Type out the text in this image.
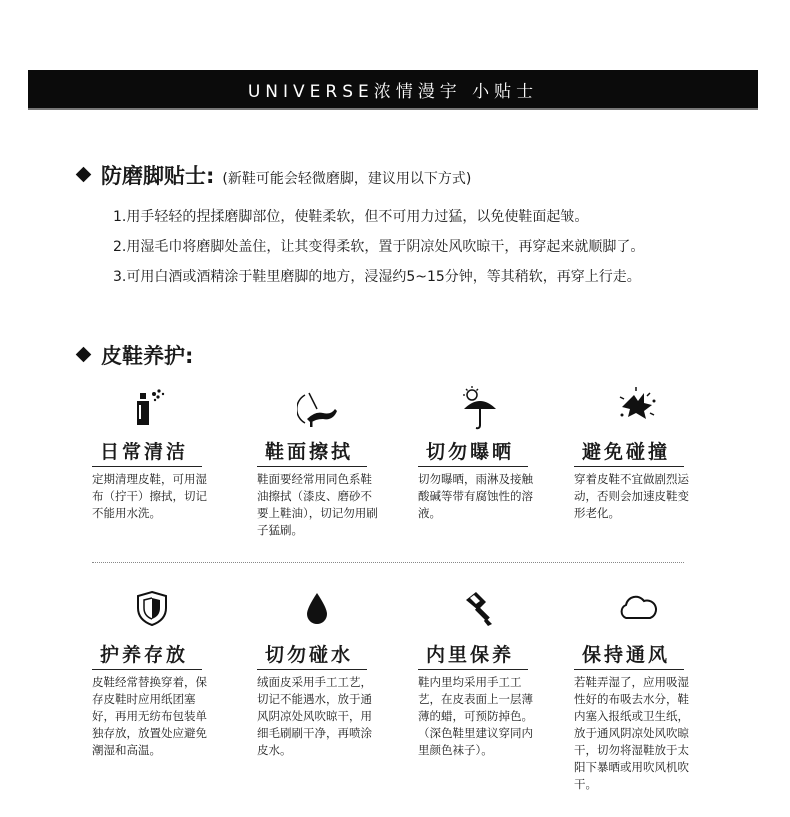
UNIVERSE浓情漫宇 小贴士
防磨脚贴士: (新鞋可能会轻微磨脚，建议用以下方式)
1.用手轻轻的捏揉磨脚部位，使鞋柔软，但不可用力过猛，以免使鞋面起皱。
2.用湿毛巾将磨脚处盖住，让其变得柔软，置于阴凉处风吹晾干，再穿起来就顺脚了。
3.可用白酒或酒精涂于鞋里磨脚的地方，浸湿约5~15分钟，等其稍软，再穿上行走。
皮鞋养护:
日常清洁
定期清理皮鞋，可用湿布（拧干）擦拭，切记不能用水洗。
鞋面擦拭
鞋面要经常用同色系鞋油擦拭（漆皮、磨砂不要上鞋油），切记勿用刷子猛刷。
切勿曝晒
切勿曝晒，雨淋及接触酸碱等带有腐蚀性的溶液。
避免碰撞
穿着皮鞋不宜做剧烈运动，否则会加速皮鞋变形老化。
护养存放
皮鞋经常替换穿着，保存皮鞋时应用纸团塞好，再用无纺布包装单独存放，放置处应避免潮湿和高温。
切勿碰水
绒面皮采用手工工艺，切记不能遇水，放于通风阴凉处风吹晾干，用细毛刷刷干净，再喷涂皮水。
内里保养
鞋内里均采用手工工艺，在皮表面上一层薄薄的蜡，可预防掉色。（深色鞋里建议穿同内里颜色袜子）。
保持通风
若鞋弄湿了，应用吸湿性好的布吸去水分，鞋内塞入报纸或卫生纸，放于通风阴凉处风吹晾干，切勿将湿鞋放于太阳下暴晒或用吹风机吹干。
